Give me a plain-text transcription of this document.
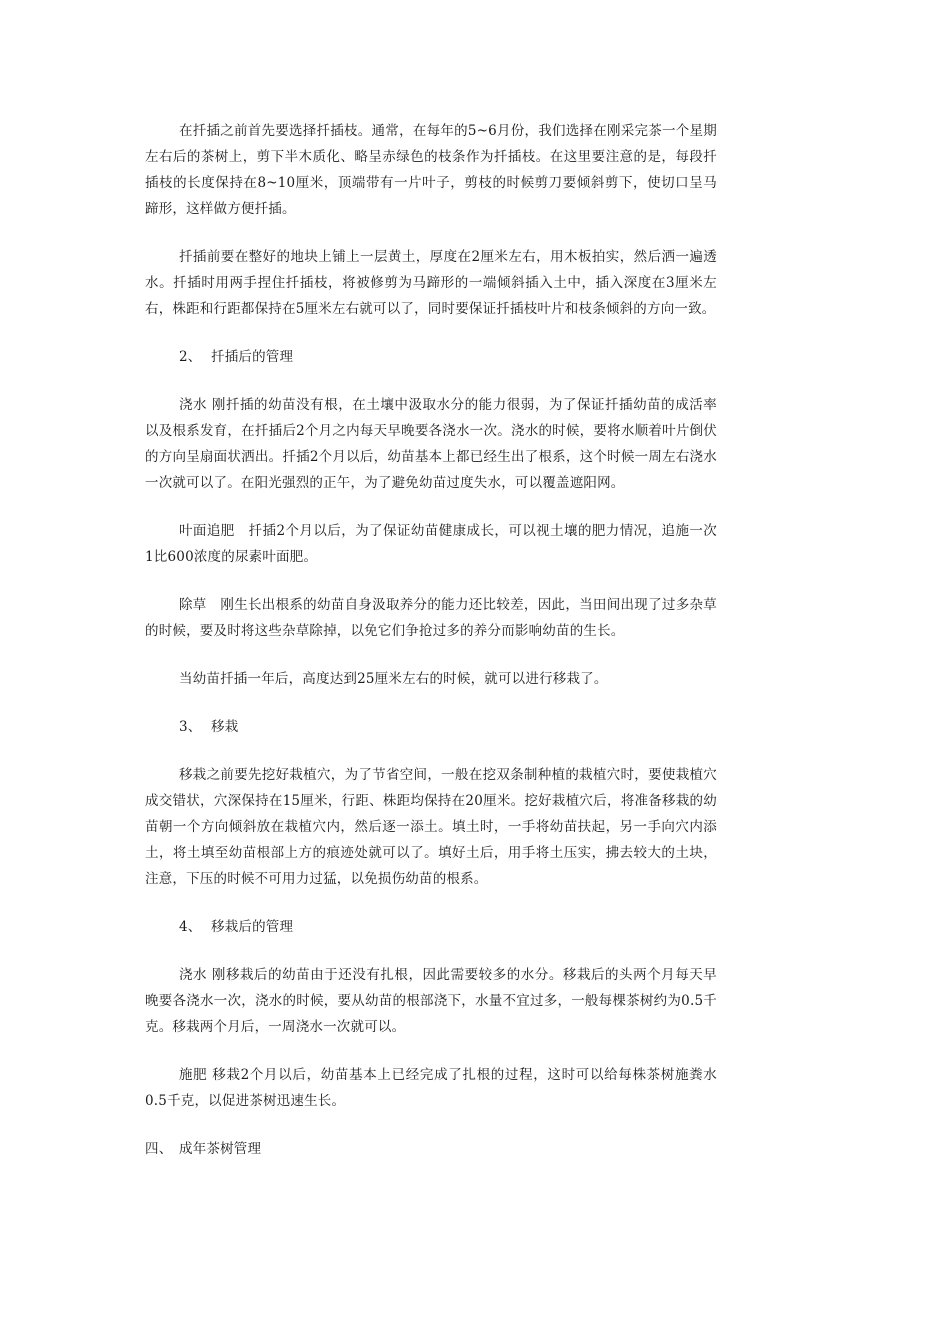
在扦插之前首先要选择扦插枝。通常，在每年的5~6月份，我们选择在刚采完茶一个星期左右后的茶树上，剪下半木质化、略呈赤绿色的枝条作为扦插枝。在这里要注意的是，每段扦插枝的长度保持在8~10厘米，顶端带有一片叶子，剪枝的时候剪刀要倾斜剪下，使切口呈马蹄形，这样做方便扦插。

扦插前要在整好的地块上铺上一层黄土，厚度在2厘米左右，用木板拍实，然后洒一遍透水。扦插时用两手捏住扦插枝，将被修剪为马蹄形的一端倾斜插入土中，插入深度在3厘米左右，株距和行距都保持在5厘米左右就可以了，同时要保证扦插枝叶片和枝条倾斜的方向一致。

2、 扦插后的管理

浇水 刚扦插的幼苗没有根，在土壤中汲取水分的能力很弱，为了保证扦插幼苗的成活率以及根系发育，在扦插后2个月之内每天早晚要各浇水一次。浇水的时候，要将水顺着叶片倒伏的方向呈扇面状洒出。扦插2个月以后，幼苗基本上都已经生出了根系，这个时候一周左右浇水一次就可以了。在阳光强烈的正午，为了避免幼苗过度失水，可以覆盖遮阳网。

叶面追肥　扦插2个月以后，为了保证幼苗健康成长，可以视土壤的肥力情况，追施一次1比600浓度的尿素叶面肥。

除草　刚生长出根系的幼苗自身汲取养分的能力还比较差，因此，当田间出现了过多杂草的时候，要及时将这些杂草除掉，以免它们争抢过多的养分而影响幼苗的生长。

当幼苗扦插一年后，高度达到25厘米左右的时候，就可以进行移栽了。

3、 移栽

移栽之前要先挖好栽植穴，为了节省空间，一般在挖双条制种植的栽植穴时，要使栽植穴成交错状，穴深保持在15厘米，行距、株距均保持在20厘米。挖好栽植穴后，将准备移栽的幼苗朝一个方向倾斜放在栽植穴内，然后逐一添土。填土时，一手将幼苗扶起，另一手向穴内添土，将土填至幼苗根部上方的痕迹处就可以了。填好土后，用手将土压实，拂去较大的土块，注意，下压的时候不可用力过猛，以免损伤幼苗的根系。

4、 移栽后的管理

浇水 刚移栽后的幼苗由于还没有扎根，因此需要较多的水分。移栽后的头两个月每天早晚要各浇水一次，浇水的时候，要从幼苗的根部浇下，水量不宜过多，一般每棵茶树约为0.5千克。移栽两个月后，一周浇水一次就可以。

施肥 移栽2个月以后，幼苗基本上已经完成了扎根的过程，这时可以给每株茶树施粪水0.5千克，以促进茶树迅速生长。

四、 成年茶树管理
